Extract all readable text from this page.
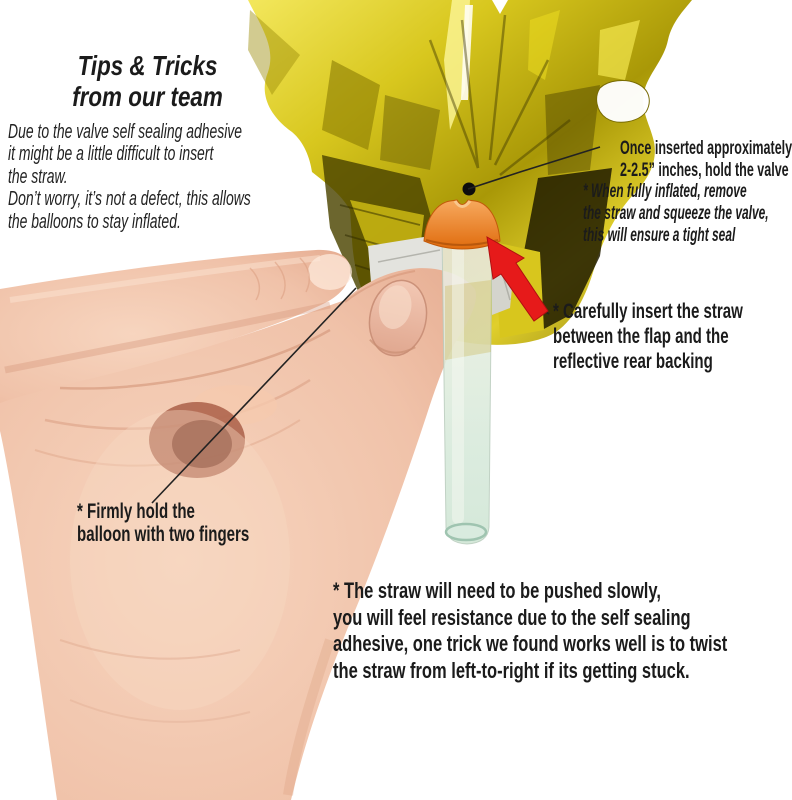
Tips & Tricks
from our team
Due to the valve self sealing adhesive
it might be a little difficult to insert
the straw.
Don’t worry, it’s not a defect, this allows
the balloons to stay inflated.
Once inserted approximately
2-2.5” inches, hold the valve
* When fully inflated, remove
the straw and squeeze the valve,
this will ensure a tight seal
* Carefully insert the straw
between the flap and the
reflective rear backing
* Firmly hold the
balloon with two fingers
* The straw will need to be pushed slowly,
you will feel resistance due to the self sealing
adhesive, one trick we found works well is to twist
the straw from left-to-right if its getting stuck.
